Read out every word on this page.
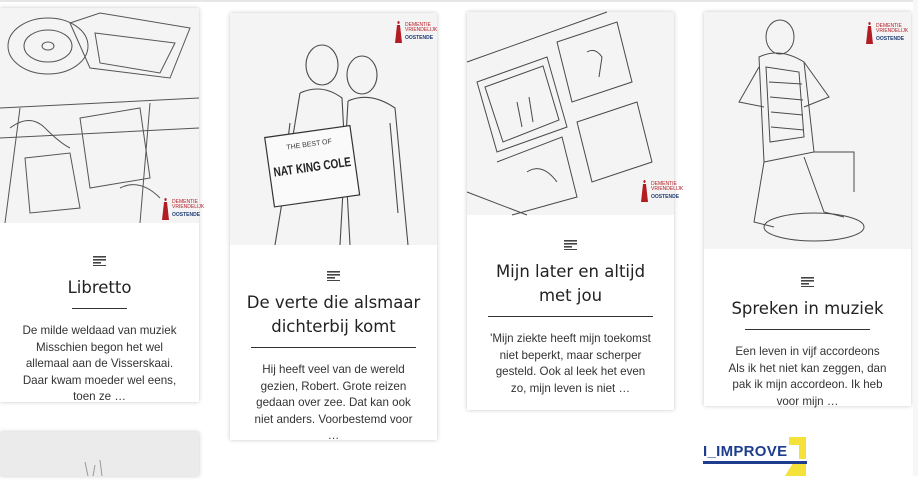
DEMENTIE
VRIENDELIJK
OOSTENDE
Libretto
De milde weldaad van muziek Misschien begon het wel allemaal aan de Visserskaai. Daar kwam moeder wel eens, toen ze …
THE BEST OF
NAT KING COLE
DEMENTIE
VRIENDELIJK
OOSTENDE
De verte die alsmaar dichterbij komt
Hij heeft veel van de wereld gezien, Robert. Grote reizen gedaan over zee. Dat kan ook niet anders. Voorbestemd voor …
DEMENTIE
VRIENDELIJK
OOSTENDE
Mijn later en altijd met jou
'Mijn ziekte heeft mijn toekomst niet beperkt, maar scherper gesteld. Ook al leek het even zo, mijn leven is niet …
DEMENTIE
VRIENDELIJK
OOSTENDE
Spreken in muziek
Een leven in vijf accordeons Als ik het niet kan zeggen, dan pak ik mijn accordeon. Ik heb voor mijn …
I_IMPROVE
